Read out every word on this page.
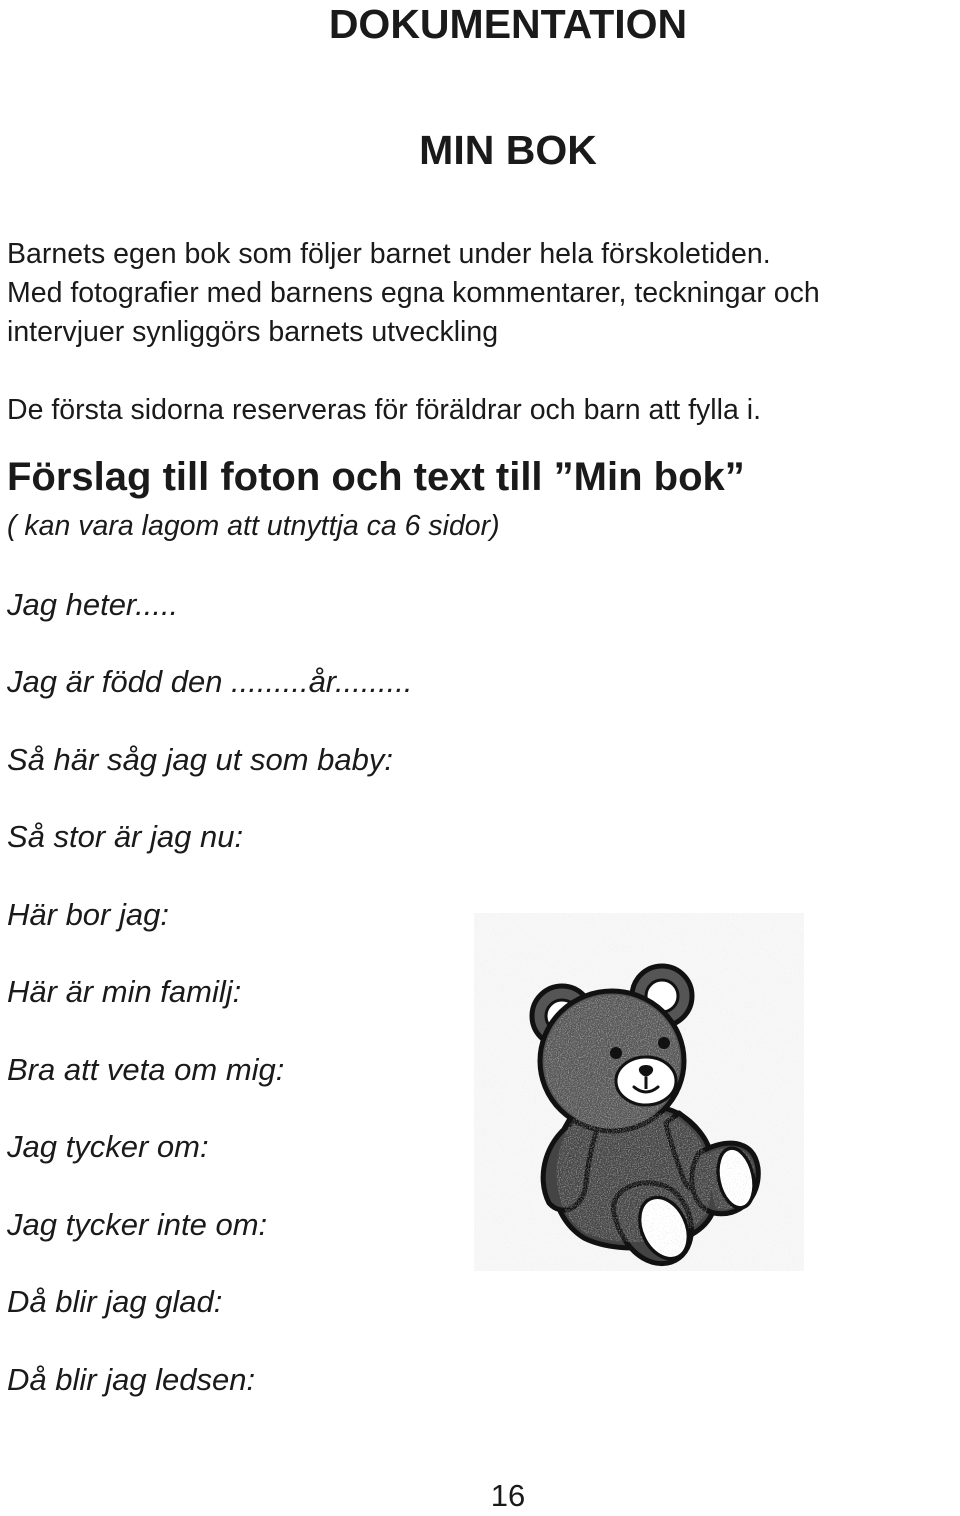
DOKUMENTATION
MIN BOK
Barnets egen bok som följer barnet under hela förskoletiden.
Med fotografier med barnens egna kommentarer, teckningar och
intervjuer synliggörs barnets utveckling

De första sidorna reserveras för föräldrar och barn att fylla i.

Förslag till foton och text till ”Min bok”

( kan vara lagom att utnyttja ca 6 sidor)

Jag heter.....

Jag är född den .........år.........

Så här såg jag ut som baby:

Så stor är jag nu:

Här bor jag:

Här är min familj:

Bra att veta om mig:

Jag tycker om:

Jag tycker inte om:

Då blir jag glad:

Då blir jag ledsen:

16
